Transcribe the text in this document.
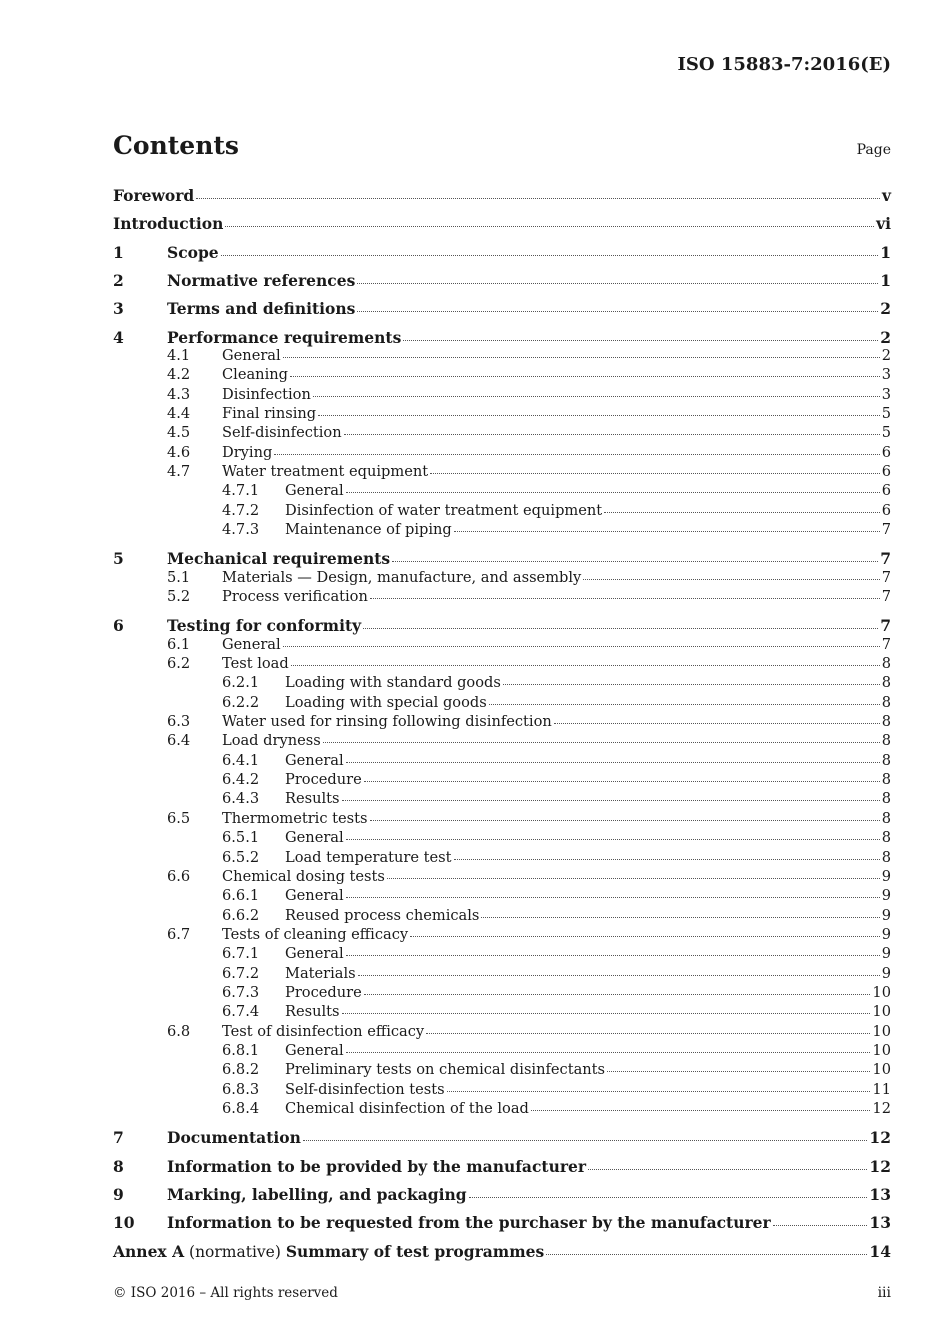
ISO 15883-7:2016(E)
Contents	Page
Foreword	v
Introduction	vi
1	Scope	1
2	Normative references	1
3	Terms and definitions	2
4	Performance requirements	2
4.1	General	2
4.2	Cleaning	3
4.3	Disinfection	3
4.4	Final rinsing	5
4.5	Self-disinfection	5
4.6	Drying	6
4.7	Water treatment equipment	6
4.7.1	General	6
4.7.2	Disinfection of water treatment equipment	6
4.7.3	Maintenance of piping	7
5	Mechanical requirements	7
5.1	Materials — Design, manufacture, and assembly	7
5.2	Process verification	7
6	Testing for conformity	7
6.1	General	7
6.2	Test load	8
6.2.1	Loading with standard goods	8
6.2.2	Loading with special goods	8
6.3	Water used for rinsing following disinfection	8
6.4	Load dryness	8
6.4.1	General	8
6.4.2	Procedure	8
6.4.3	Results	8
6.5	Thermometric tests	8
6.5.1	General	8
6.5.2	Load temperature test	8
6.6	Chemical dosing tests	9
6.6.1	General	9
6.6.2	Reused process chemicals	9
6.7	Tests of cleaning efficacy	9
6.7.1	General	9
6.7.2	Materials	9
6.7.3	Procedure	10
6.7.4	Results	10
6.8	Test of disinfection efficacy	10
6.8.1	General	10
6.8.2	Preliminary tests on chemical disinfectants	10
6.8.3	Self-disinfection tests	11
6.8.4	Chemical disinfection of the load	12
7	Documentation	12
8	Information to be provided by the manufacturer	12
9	Marking, labelling, and packaging	13
10	Information to be requested from the purchaser by the manufacturer	13
Annex A (normative) Summary of test programmes	14
© ISO 2016 – All rights reserved	iii
